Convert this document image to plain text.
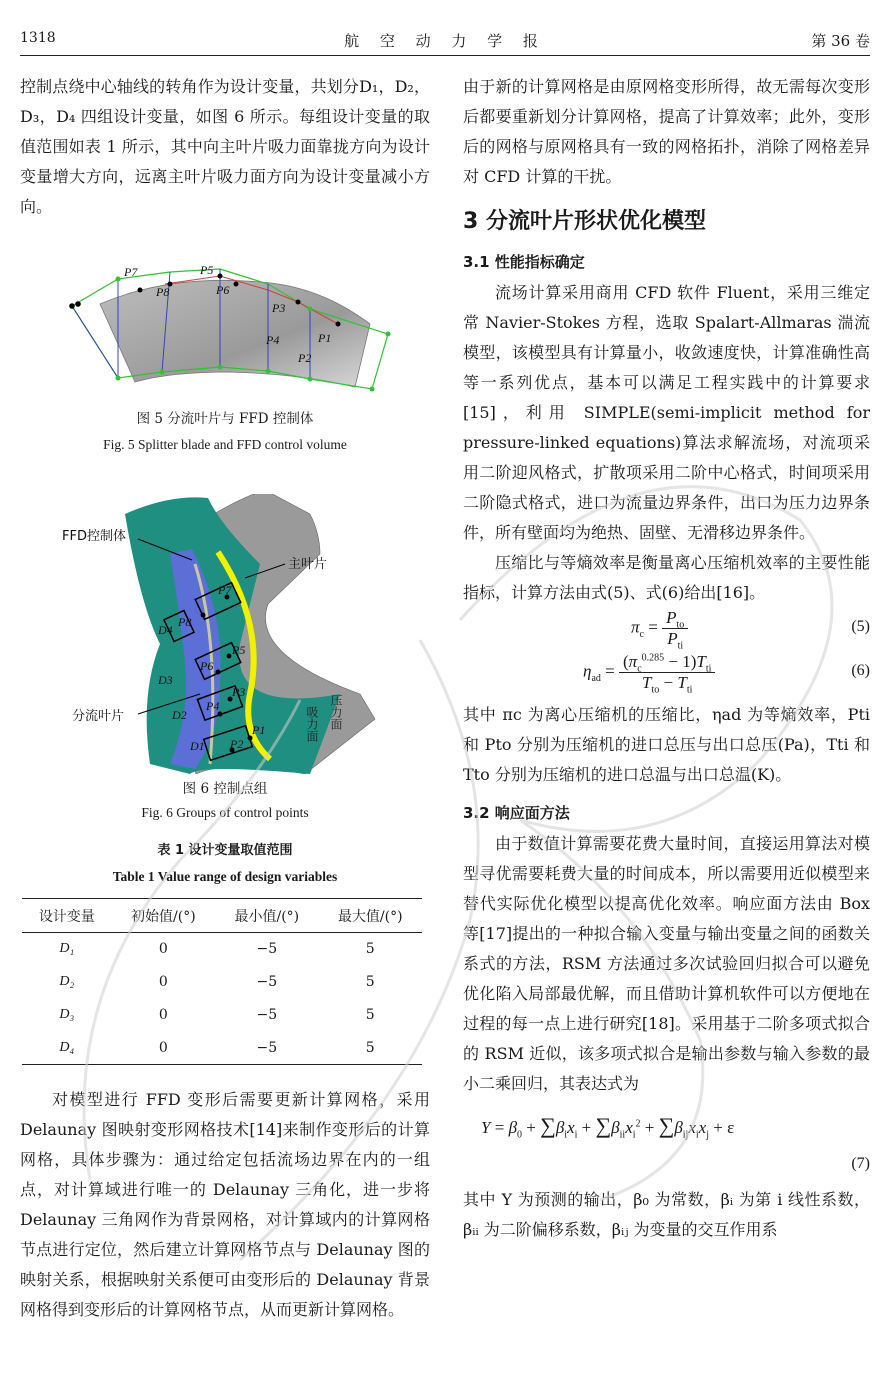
1318	航 空 动 力 学 报	第 36 卷

控制点绕中心轴线的转角作为设计变量，共划分D₁，D₂，D₃，D₄ 四组设计变量，如图 6 所示。每组设计变量的取值范围如表 1 所示，其中向主叶片吸力面靠拢方向为设计变量增大方向，远离主叶片吸力面方向为设计变量减小方向。

P7
P8
P5
P6
P3
P4	P1
P2
图 5 分流叶片与 FFD 控制体
Fig. 5 Splitter blade and FFD control volume
P7
P8
P5
P6
P3
P4
P1
P2
D4
D3
D2
D1
FFD控制体
主叶片
分流叶片	吸力面 压力面
图 6 控制点组
Fig. 6 Groups of control points
表 1 设计变量取值范围
Table 1 Value range of design variables
设计变量	初始值/(°)	最小值/(°)	最大值/(°)
D₁	0	−5	5
D₂	0	−5	5
D₃	0	−5	5
D₄	0	−5	5

对模型进行 FFD 变形后需要更新计算网格，采用 Delaunay 图映射变形网格技术[14]来制作变形后的计算网格，具体步骤为：通过给定包括流场边界在内的一组点，对计算域进行唯一的 Delaunay 三角化，进一步将 Delaunay 三角网作为背景网格，对计算域内的计算网格节点进行定位，然后建立计算网格节点与 Delaunay 图的映射关系，根据映射关系便可由变形后的 Delaunay 背景网格得到变形后的计算网格节点，从而更新计算网格。

由于新的计算网格是由原网格变形所得，故无需每次变形后都要重新划分计算网格，提高了计算效率；此外，变形后的网格与原网格具有一致的网格拓扑，消除了网格差异对 CFD 计算的干扰。

3 分流叶片形状优化模型
3.1 性能指标确定

流场计算采用商用 CFD 软件 Fluent，采用三维定常 Navier-Stokes 方程，选取 Spalart-Allmaras 湍流模型，该模型具有计算量小，收敛速度快，计算准确性高等一系列优点，基本可以满足工程实践中的计算要求[15]，利用 SIMPLE(semi-implicit method for pressure-linked equations)算法求解流场，对流项采用二阶迎风格式，扩散项采用二阶中心格式，时间项采用二阶隐式格式，进口为流量边界条件，出口为压力边界条件，所有壁面均为绝热、固壁、无滑移边界条件。

压缩比与等熵效率是衡量离心压缩机效率的主要性能指标，计算方法由式(5)、式(6)给出[16]。

$\pi_c = \frac{P_{to}}{P_{ti}}$	(5)
$\eta_{ad} = \frac{(\pi_c^{0.285} - 1)T_{ti}}{T_{to} - T_{ti}}$	(6)

其中 πc 为离心压缩机的压缩比，ηad 为等熵效率，Pti 和 Pto 分别为压缩机的进口总压与出口总压(Pa)，Tti 和 Tto 分别为压缩机的进口总温与出口总温(K)。

3.2 响应面方法

由于数值计算需要花费大量时间，直接运用算法对模型寻优需要耗费大量的时间成本，所以需要用近似模型来替代实际优化模型以提高优化效率。响应面方法由 Box 等[17]提出的一种拟合输入变量与输出变量之间的函数关系式的方法，RSM 方法通过多次试验回归拟合可以避免优化陷入局部最优解，而且借助计算机软件可以方便地在过程的每一点上进行研究[18]。采用基于二阶多项式拟合的 RSM 近似，该多项式拟合是输出参数与输入参数的最小二乘回归，其表达式为

$Y = \beta_0 + \sum\beta_ix_i + \sum\beta_{ii}x_i^2 + \sum\beta_{ij}x_ix_j + \varepsilon$
(7)

其中 Y 为预测的输出，β₀ 为常数，βᵢ 为第 i 线性系数，βᵢᵢ 为二阶偏移系数，βᵢⱼ 为变量的交互作用系
